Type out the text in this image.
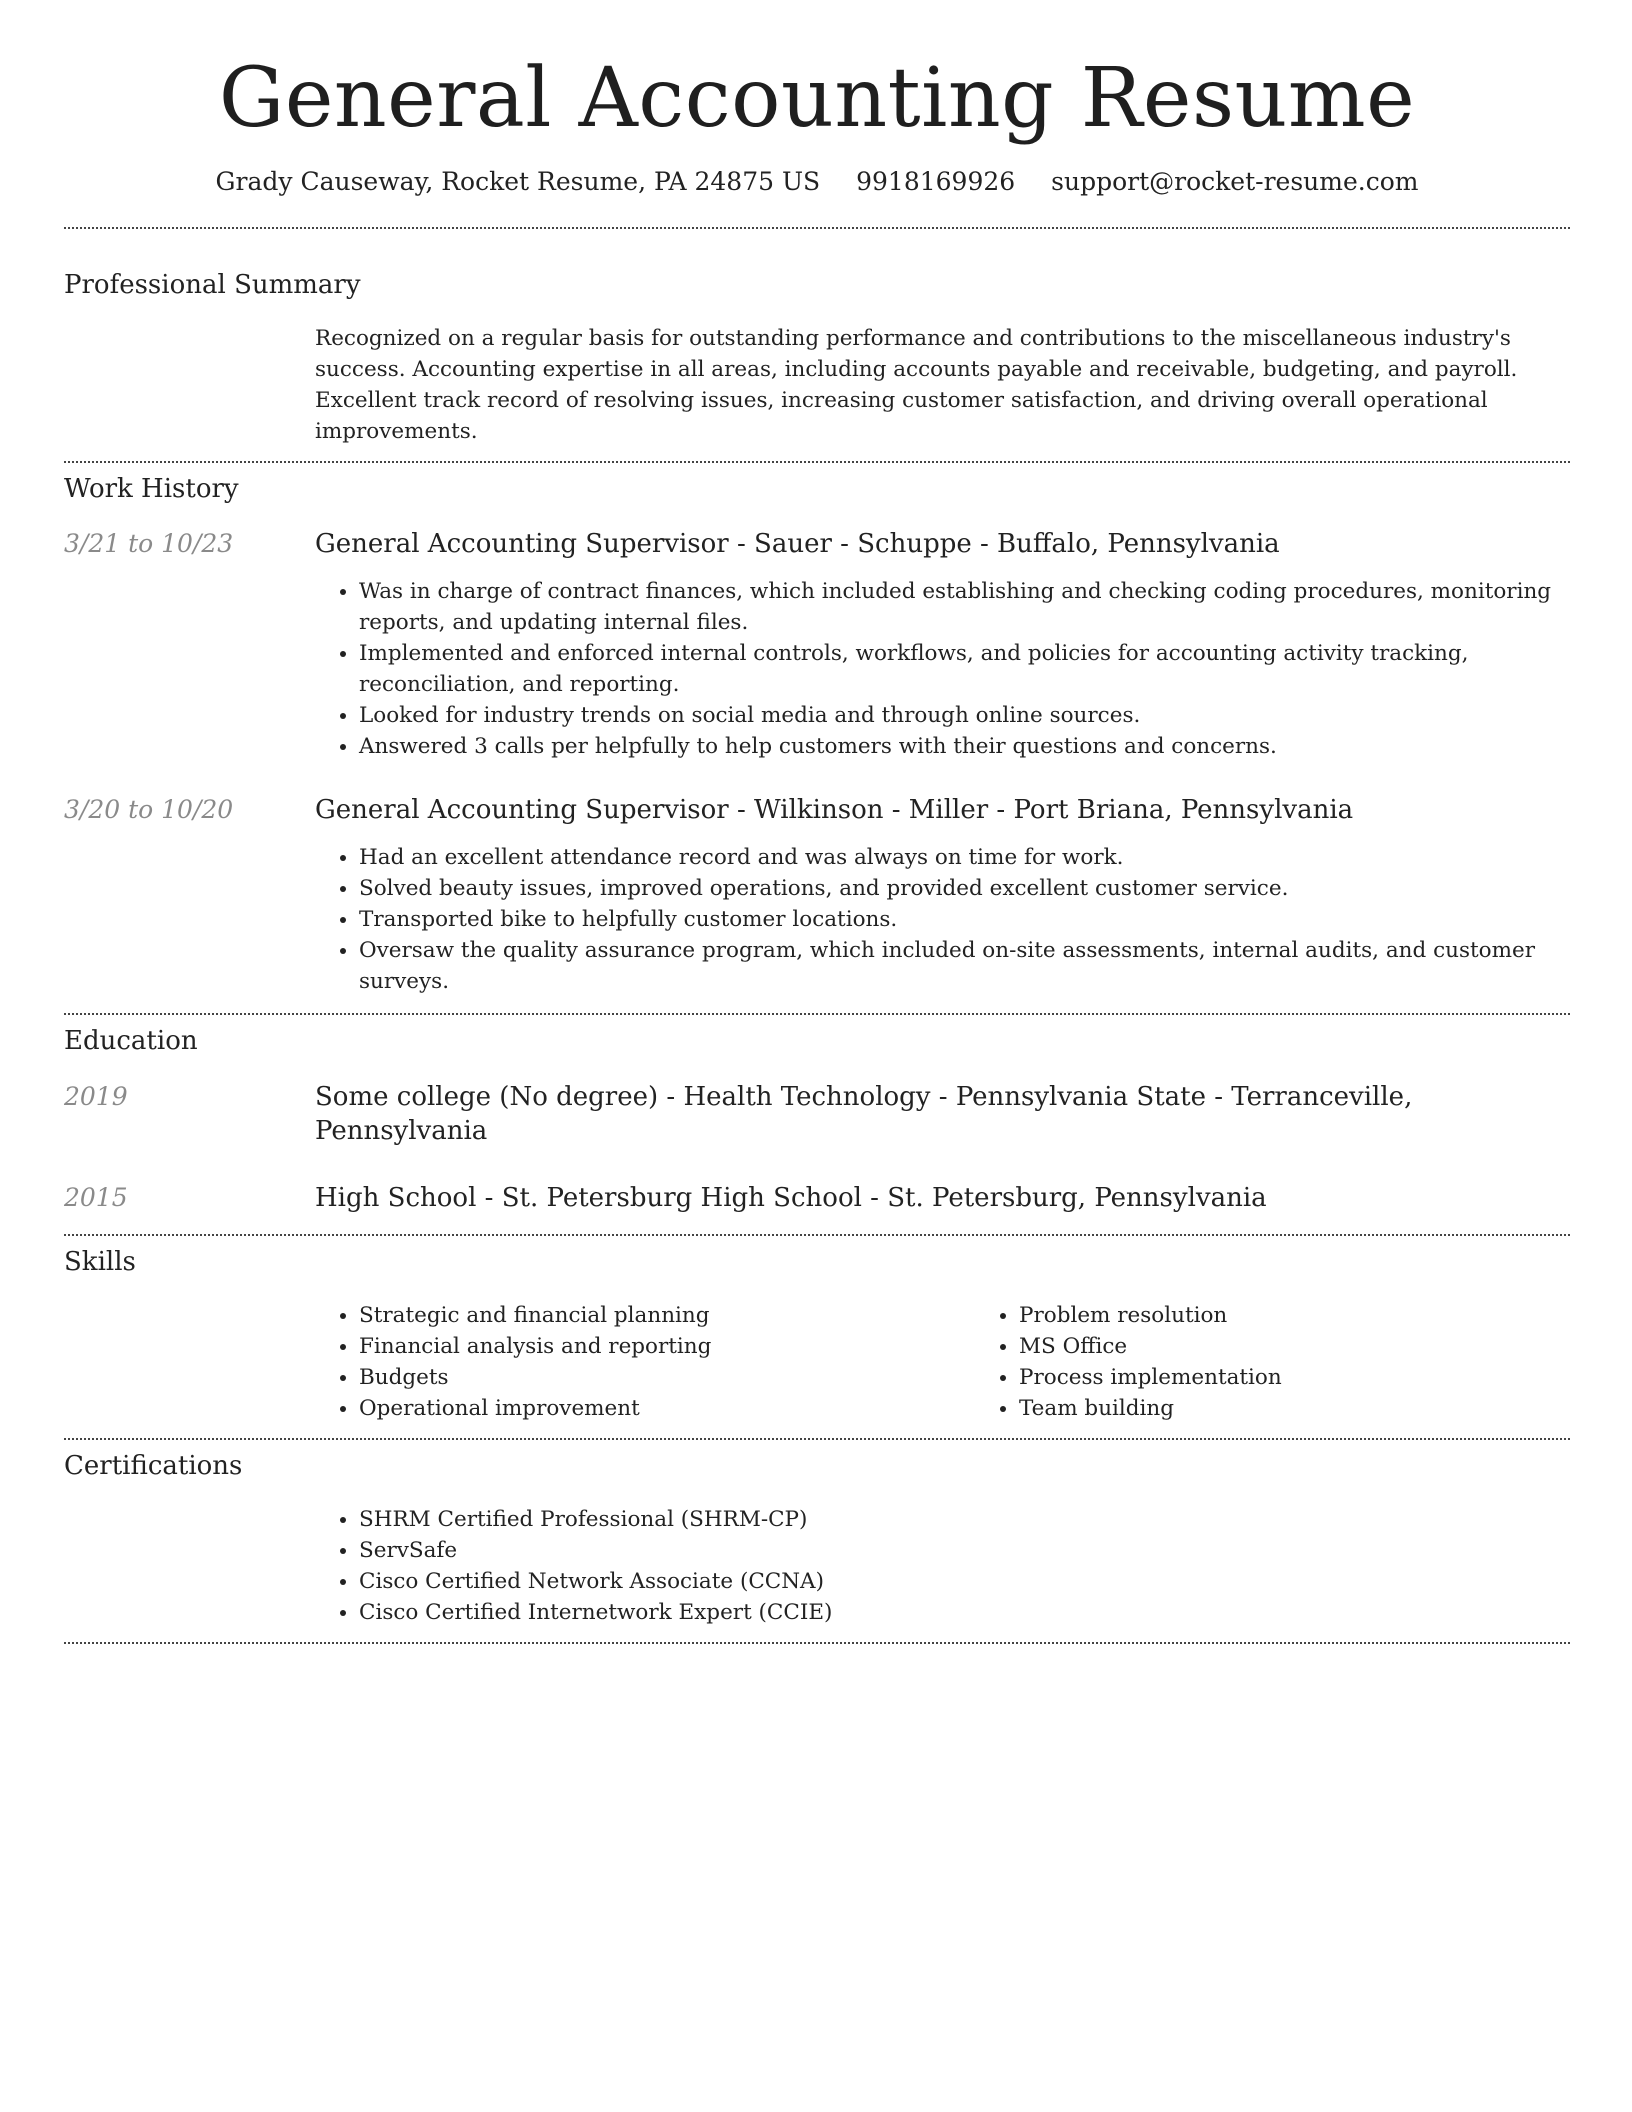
General Accounting Resume
Grady Causeway, Rocket Resume, PA 24875 US 9918169926 support@rocket-resume.com
Professional Summary

Recognized on a regular basis for outstanding performance and contributions to the miscellaneous industry's success. Accounting expertise in all areas, including accounts payable and receivable, budgeting, and payroll. Excellent track record of resolving issues, increasing customer satisfaction, and driving overall operational improvements.

Work History
3/21 to 10/23	General Accounting Supervisor - Sauer - Schuppe - Buffalo, Pennsylvania
• Was in charge of contract finances, which included establishing and checking coding procedures, monitoring reports, and updating internal files.
• Implemented and enforced internal controls, workflows, and policies for accounting activity tracking, reconciliation, and reporting.
• Looked for industry trends on social media and through online sources.
• Answered 3 calls per helpfully to help customers with their questions and concerns.
3/20 to 10/20	General Accounting Supervisor - Wilkinson - Miller - Port Briana, Pennsylvania
• Had an excellent attendance record and was always on time for work.
• Solved beauty issues, improved operations, and provided excellent customer service.
• Transported bike to helpfully customer locations.
• Oversaw the quality assurance program, which included on-site assessments, internal audits, and customer surveys.
Education
2019	Some college (No degree) - Health Technology - Pennsylvania State - Terranceville, Pennsylvania
2015	High School - St. Petersburg High School - St. Petersburg, Pennsylvania
Skills
• Strategic and financial planning
• Financial analysis and reporting
• Budgets
• Operational improvement
• Problem resolution
• MS Office
• Process implementation
• Team building
Certifications
• SHRM Certified Professional (SHRM-CP)
• ServSafe
• Cisco Certified Network Associate (CCNA)
• Cisco Certified Internetwork Expert (CCIE)
